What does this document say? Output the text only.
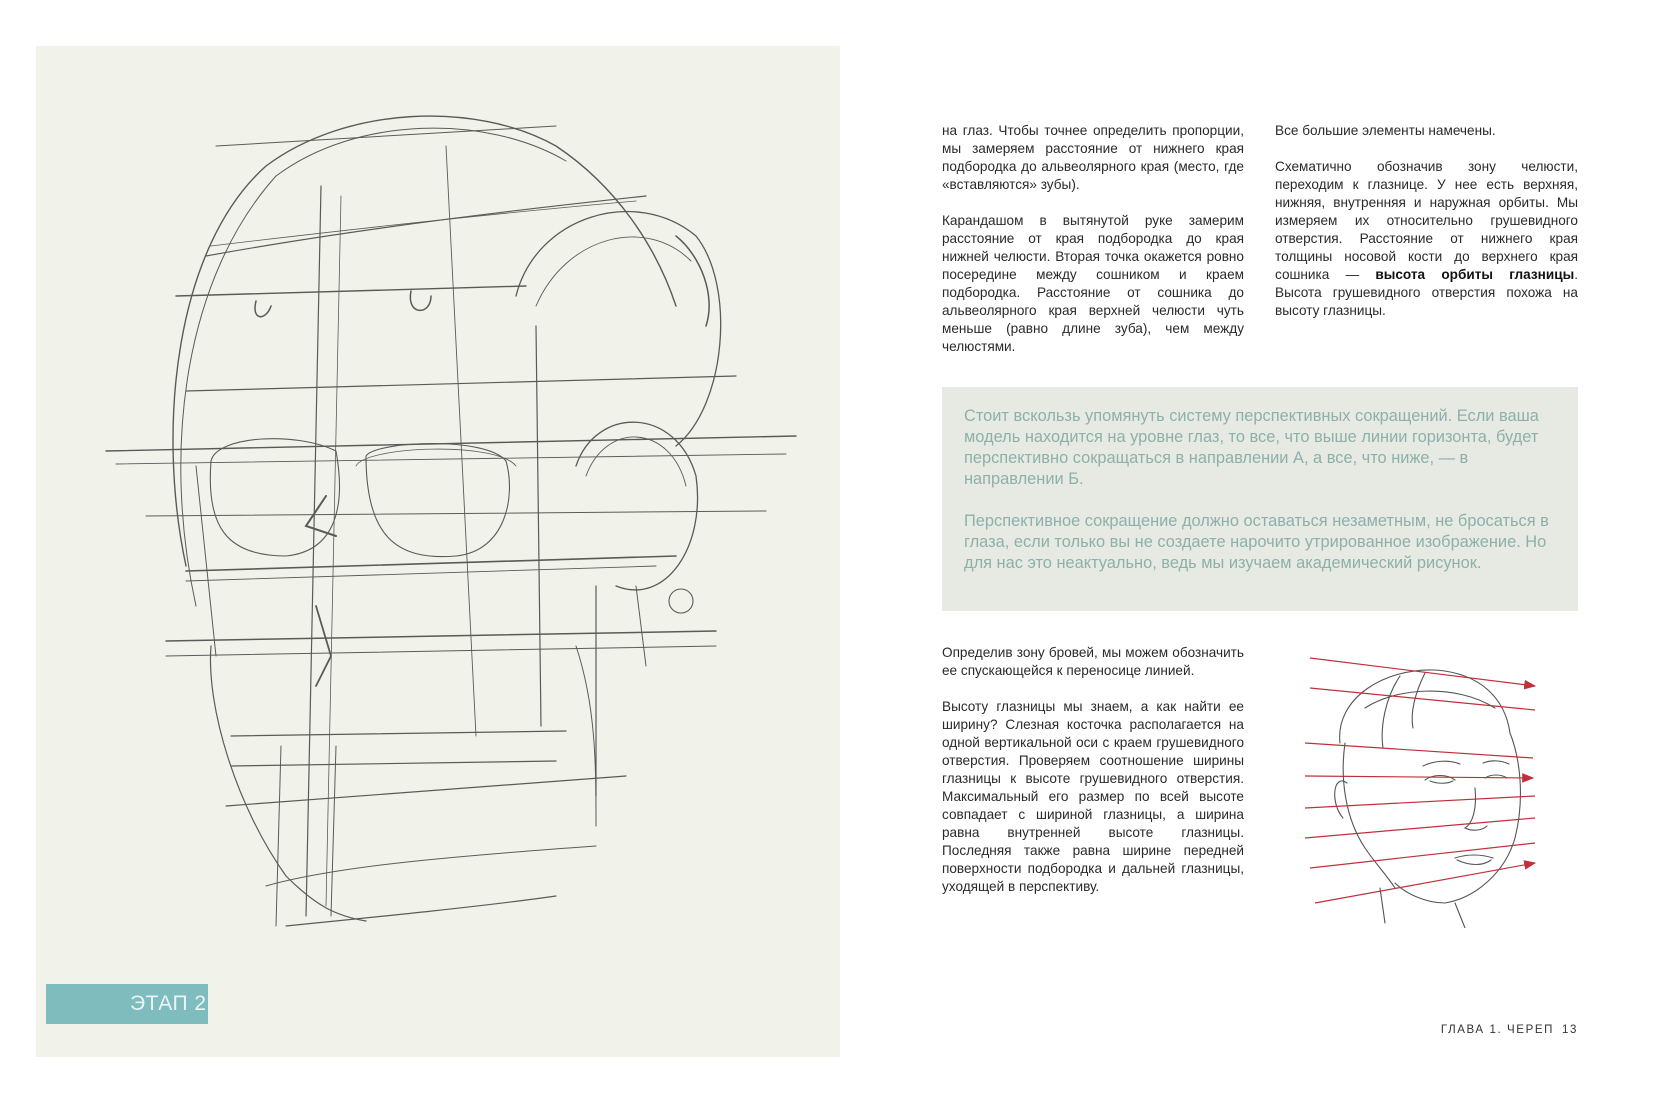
ЭТАП 2

на глаз. Чтобы точнее определить пропорции, мы замеряем расстояние от нижнего края подбородка до альвеолярного края (место, где «вставляются» зубы).

Карандашом в вытянутой руке замерим расстояние от края подбородка до края нижней челюсти. Вторая точка окажется ровно посередине между сошником и краем подбородка. Расстояние от сошника до альвеолярного края верхней челюсти чуть меньше (равно длине зуба), чем между челюстями.

Все большие элементы намечены.

Схематично обозначив зону челюсти, переходим к глазнице. У нее есть верхняя, нижняя, внутренняя и наружная орбиты. Мы измеряем их относительно грушевидного отверстия. Расстояние от нижнего края толщины носовой кости до верхнего края сошника — высота орбиты глазницы. Высота грушевидного отверстия похожа на высоту глазницы.

Стоит вскользь упомянуть систему перспективных сокращений. Если ваша модель находится на уровне глаз, то все, что выше линии горизонта, будет перспективно сокращаться в направлении А, а все, что ниже, — в направлении Б.

Перспективное сокращение должно оставаться незаметным, не бросаться в глаза, если только вы не создаете нарочито утрированное изображение. Но для нас это неактуально, ведь мы изучаем академический рисунок.

Определив зону бровей, мы можем обозначить ее спускающейся к переносице линией.

Высоту глазницы мы знаем, а как найти ее ширину? Слезная косточка располагается на одной вертикальной оси с краем грушевидного отверстия. Проверяем соотношение ширины глазницы к высоте грушевидного отверстия. Максимальный его размер по всей высоте совпадает с шириной глазницы, а ширина равна внутренней высоте глазницы. Последняя также равна ширине передней поверхности подбородка и дальней глазницы, уходящей в перспективу.

ГЛАВА 1. ЧЕРЕП 13
